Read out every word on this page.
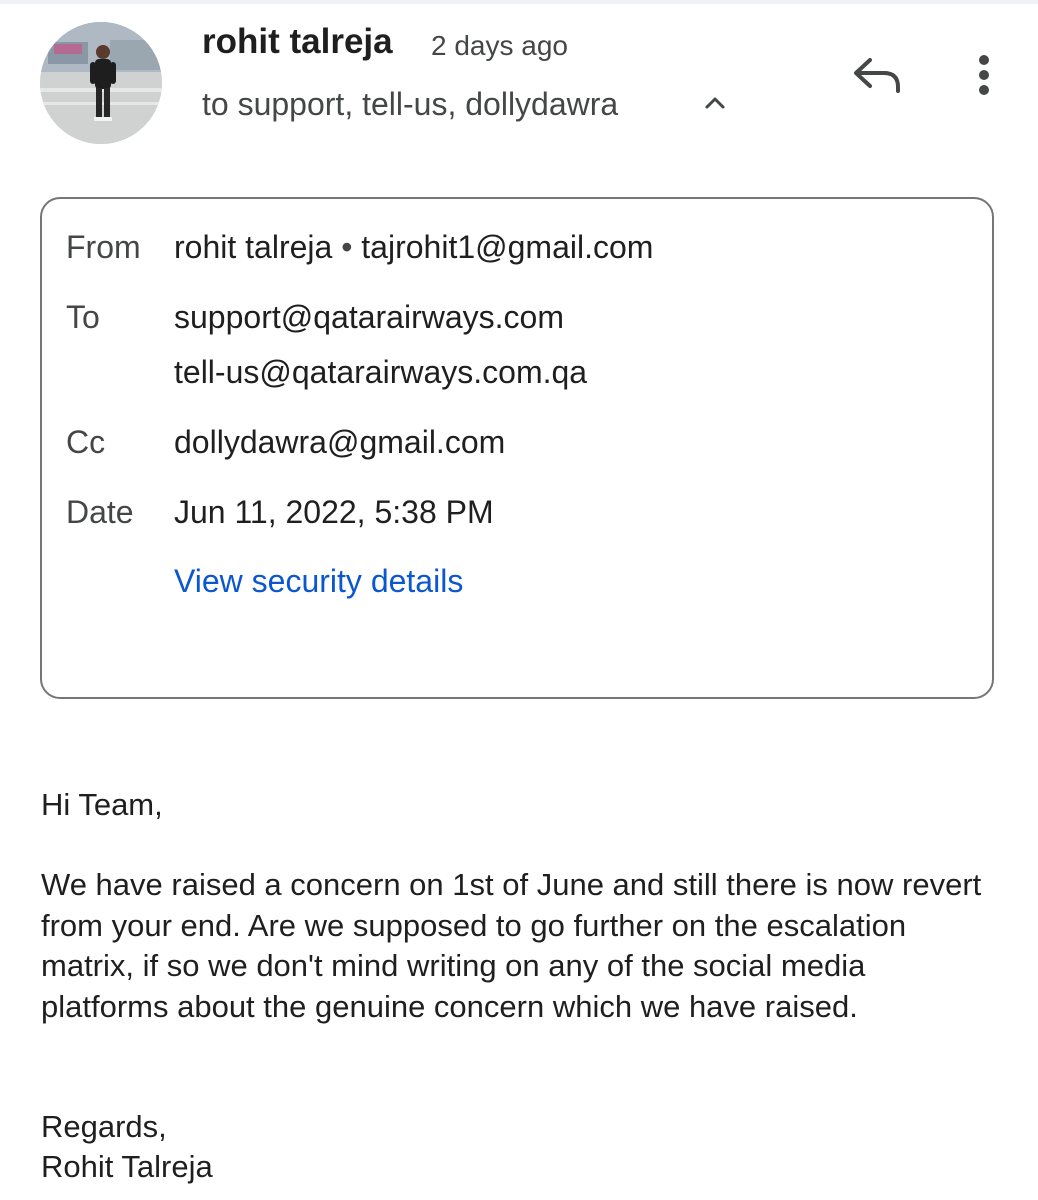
rohit talreja 2 days ago
to support, tell-us, dollydawra
From rohit talreja • tajrohit1@gmail.com
To support@qatarairways.com
tell-us@qatarairways.com.qa
Cc dollydawra@gmail.com
Date Jun 11, 2022, 5:38 PM
View security details
Hi Team,
We have raised a concern on 1st of June and still there is now revert from your end. Are we supposed to go further on the escalation matrix, if so we don't mind writing on any of the social media platforms about the genuine concern which we have raised.
Regards,
Rohit Talreja
